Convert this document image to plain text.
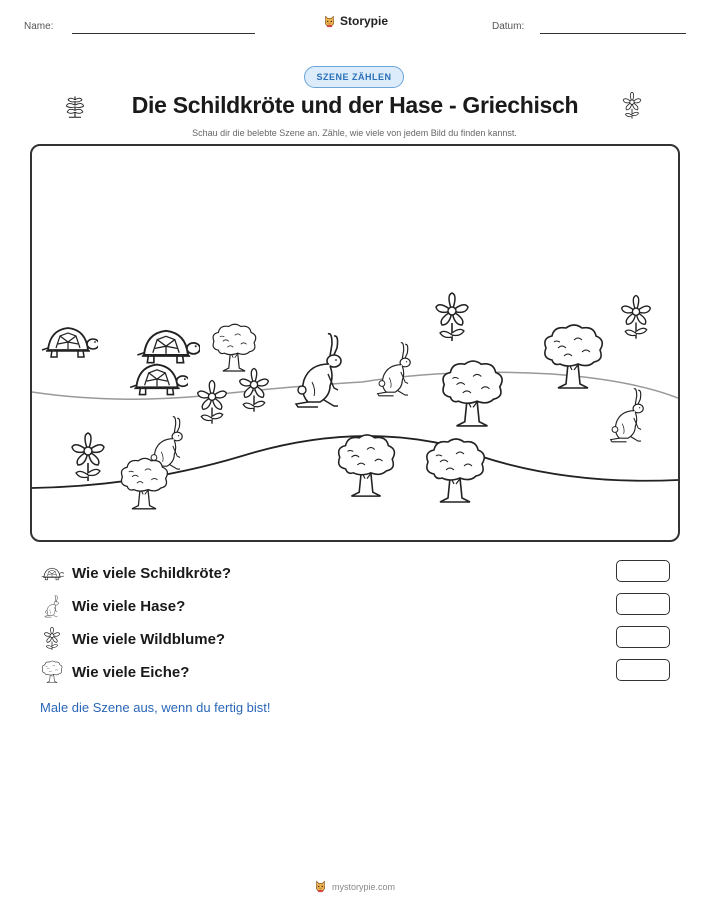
Name:	Storypie	Datum:
SZENE ZÄHLEN
Die Schildkröte und der Hase - Griechisch
Schau dir die belebte Szene an. Zähle, wie viele von jedem Bild du finden kannst.
Wie viele Schildkröte?
Wie viele Hase?
Wie viele Wildblume?
Wie viele Eiche?
Male die Szene aus, wenn du fertig bist!
mystorypie.com
